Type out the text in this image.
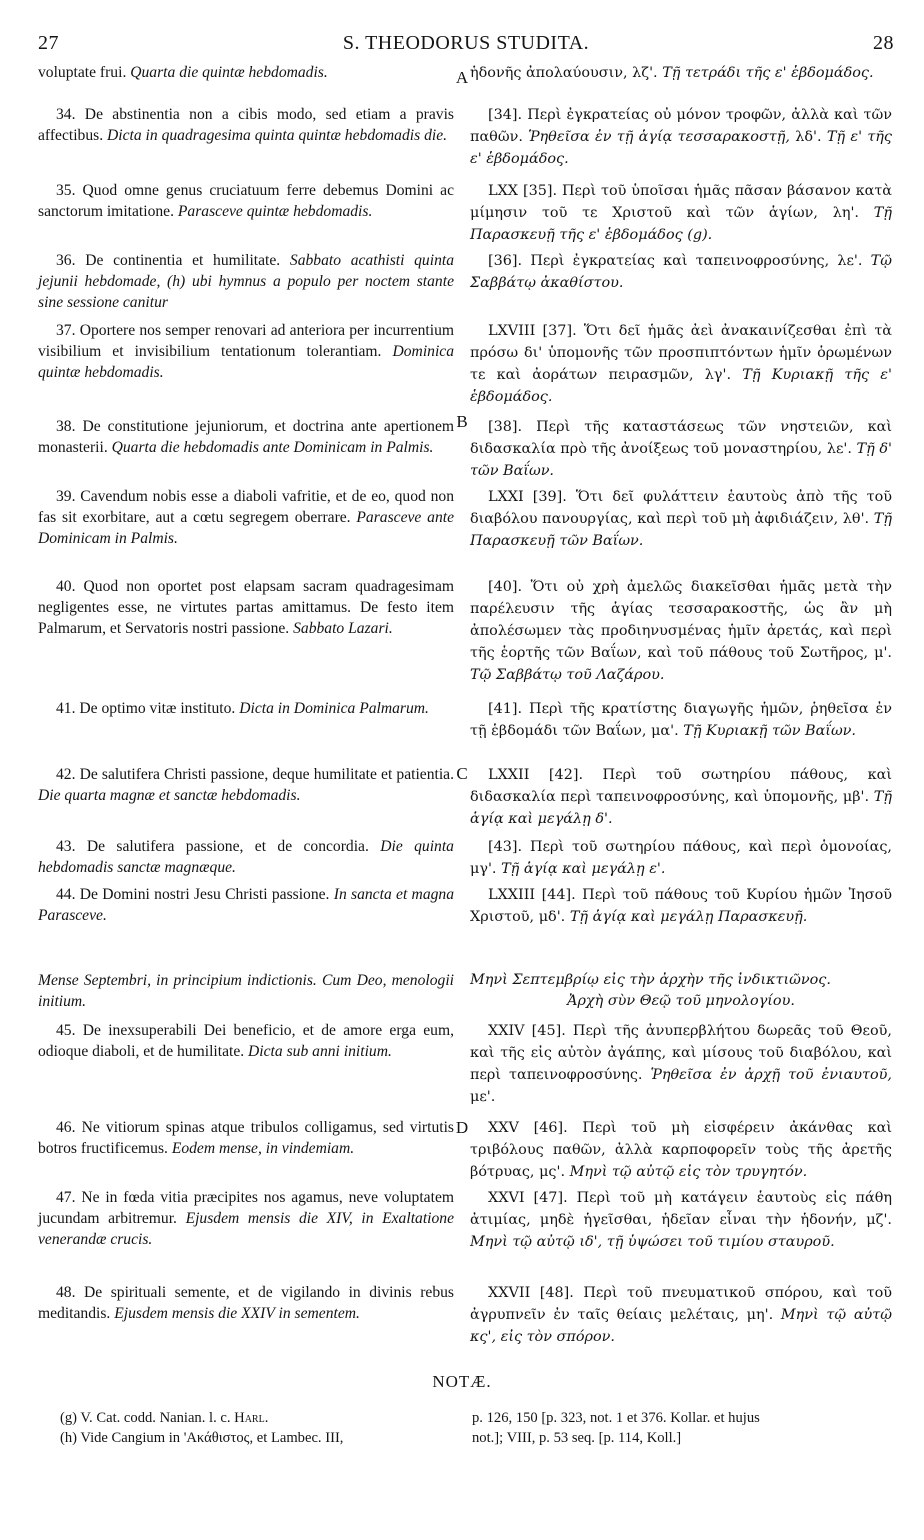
27	S. THEODORUS STUDITA.	28
voluptate frui. Quarta die quintæ hebdomadis.
34. De abstinentia non a cibis modo, sed etiam a pravis affectibus. Dicta in quadragesima quinta quintæ hebdomadis die.
35. Quod omne genus cruciatuum ferre debemus Domini ac sanctorum imitatione. Parasceve quintæ hebdomadis.
36. De continentia et humilitate. Sabbato acathisti quinta jejunii hebdomade, (h) ubi hymnus a populo per noctem stante sine sessione canitur
37. Oportere nos semper renovari ad anteriora per incurrentium visibilium et invisibilium tentationum tolerantiam. Dominica quintæ hebdomadis.
38. De constitutione jejuniorum, et doctrina ante apertionem monasterii. Quarta die hebdomadis ante Dominicam in Palmis.
39. Cavendum nobis esse a diaboli vafritie, et de eo, quod non fas sit exorbitare, aut a cœtu segregem oberrare. Parasceve ante Dominicam in Palmis.
40. Quod non oportet post elapsam sacram quadragesimam negligentes esse, ne virtutes partas amittamus. De festo item Palmarum, et Servatoris nostri passione. Sabbato Lazari.
41. De optimo vitæ instituto. Dicta in Dominica Palmarum.
42. De salutifera Christi passione, deque humilitate et patientia. Die quarta magnæ et sanctæ hebdomadis.
43. De salutifera passione, et de concordia. Die quinta hebdomadis sanctæ magnæque.
44. De Domini nostri Jesu Christi passione. In sancta et magna Parasceve.
Mense Septembri, in principium indictionis. Cum Deo, menologii initium.
45. De inexsuperabili Dei beneficio, et de amore erga eum, odioque diaboli, et de humilitate. Dicta sub anni initium.
46. Ne vitiorum spinas atque tribulos colligamus, sed virtutis botros fructificemus. Eodem mense, in vindemiam.
47. Ne in fœda vitia præcipites nos agamus, neve voluptatem jucundam arbitremur. Ejusdem mensis die XIV, in Exaltatione venerandæ crucis.
48. De spirituali semente, et de vigilando in divinis rebus meditandis. Ejusdem mensis die XXIV in sementem.
A
B
C
D
ἡδονῆς ἀπολαύουσιν, λζ'. Τῇ τετράδι τῆς ε' ἑβδομάδος.
[34]. Περὶ ἐγκρατείας οὐ μόνον τροφῶν, ἀλλὰ καὶ τῶν παθῶν. Ῥηθεῖσα ἐν τῇ ἁγίᾳ τεσσαρακοστῇ, λδ'. Τῇ ε' τῆς ε' ἑβδομάδος.
LXX [35]. Περὶ τοῦ ὑποῖσαι ἡμᾶς πᾶσαν βάσανον κατὰ μίμησιν τοῦ τε Χριστοῦ καὶ τῶν ἁγίων, λη'. Τῇ Παρασκευῇ τῆς ε' ἑβδομάδος (g).
[36]. Περὶ ἐγκρατείας καὶ ταπεινοφροσύνης, λε'. Τῷ Σαββάτῳ ἀκαθίστου.
LXVIII [37]. Ὅτι δεῖ ἡμᾶς ἀεὶ ἀνακαινίζεσθαι ἐπὶ τὰ πρόσω δι' ὑπομονῆς τῶν προσπιπτόντων ἡμῖν ὁρωμένων τε καὶ ἀοράτων πειρασμῶν, λγ'. Τῇ Κυριακῇ τῆς ε' ἑβδομάδος.
[38]. Περὶ τῆς καταστάσεως τῶν νηστειῶν, καὶ διδασκαλία πρὸ τῆς ἀνοίξεως τοῦ μοναστηρίου, λε'. Τῇ δ' τῶν Βαΐων.
LXXI [39]. Ὅτι δεῖ φυλάττειν ἑαυτοὺς ἀπὸ τῆς τοῦ διαβόλου πανουργίας, καὶ περὶ τοῦ μὴ ἀφιδιάζειν, λθ'. Τῇ Παρασκευῇ τῶν Βαΐων.
[40]. Ὅτι οὐ χρὴ ἀμελῶς διακεῖσθαι ἡμᾶς μετὰ τὴν παρέλευσιν τῆς ἁγίας τεσσαρακοστῆς, ὡς ἂν μὴ ἀπολέσωμεν τὰς προδιηνυσμένας ἡμῖν ἀρετάς, καὶ περὶ τῆς ἑορτῆς τῶν Βαΐων, καὶ τοῦ πάθους τοῦ Σωτῆρος, μ'. Τῷ Σαββάτῳ τοῦ Λαζάρου.
[41]. Περὶ τῆς κρατίστης διαγωγῆς ἡμῶν, ῥηθεῖσα ἐν τῇ ἑβδομάδι τῶν Βαΐων, μα'. Τῇ Κυριακῇ τῶν Βαΐων.
LXXII [42]. Περὶ τοῦ σωτηρίου πάθους, καὶ διδασκαλία περὶ ταπεινοφροσύνης, καὶ ὑπομονῆς, μβ'. Τῇ ἁγίᾳ καὶ μεγάλῃ δ'.
[43]. Περὶ τοῦ σωτηρίου πάθους, καὶ περὶ ὁμονοίας, μγ'. Τῇ ἁγίᾳ καὶ μεγάλῃ ε'.
LXXIII [44]. Περὶ τοῦ πάθους τοῦ Κυρίου ἡμῶν Ἰησοῦ Χριστοῦ, μδ'. Τῇ ἁγίᾳ καὶ μεγάλῃ Παρασκευῇ.
Μηνὶ Σεπτεμβρίῳ εἰς τὴν ἀρχὴν τῆς ἰνδικτιῶνος.
Ἀρχὴ σὺν Θεῷ τοῦ μηνολογίου.
XXIV [45]. Περὶ τῆς ἀνυπερβλήτου δωρεᾶς τοῦ Θεοῦ, καὶ τῆς εἰς αὐτὸν ἀγάπης, καὶ μίσους τοῦ διαβόλου, καὶ περὶ ταπεινοφροσύνης. Ῥηθεῖσα ἐν ἀρχῇ τοῦ ἐνιαυτοῦ, με'.
XXV [46]. Περὶ τοῦ μὴ εἰσφέρειν ἀκάνθας καὶ τριβόλους παθῶν, ἀλλὰ καρποφορεῖν τοὺς τῆς ἀρετῆς βότρυας, μς'. Μηνὶ τῷ αὐτῷ εἰς τὸν τρυγητόν.
XXVI [47]. Περὶ τοῦ μὴ κατάγειν ἑαυτοὺς εἰς πάθη ἀτιμίας, μηδὲ ἡγεῖσθαι, ἡδεῖαν εἶναι τὴν ἡδονήν, μζ'. Μηνὶ τῷ αὐτῷ ιδ', τῇ ὑψώσει τοῦ τιμίου σταυροῦ.
XXVII [48]. Περὶ τοῦ πνευματικοῦ σπόρου, καὶ τοῦ ἀγρυπνεῖν ἐν ταῖς θείαις μελέταις, μη'. Μηνὶ τῷ αὐτῷ κς', εἰς τὸν σπόρον.
NOTÆ.
(g) V. Cat. codd. Nanian. l. c. Harl.
(h) Vide Cangium in 'Ακάθιστος, et Lambec. III,
p. 126, 150 [p. 323, not. 1 et 376. Kollar. et hujus
not.]; VIII, p. 53 seq. [p. 114, Koll.]
